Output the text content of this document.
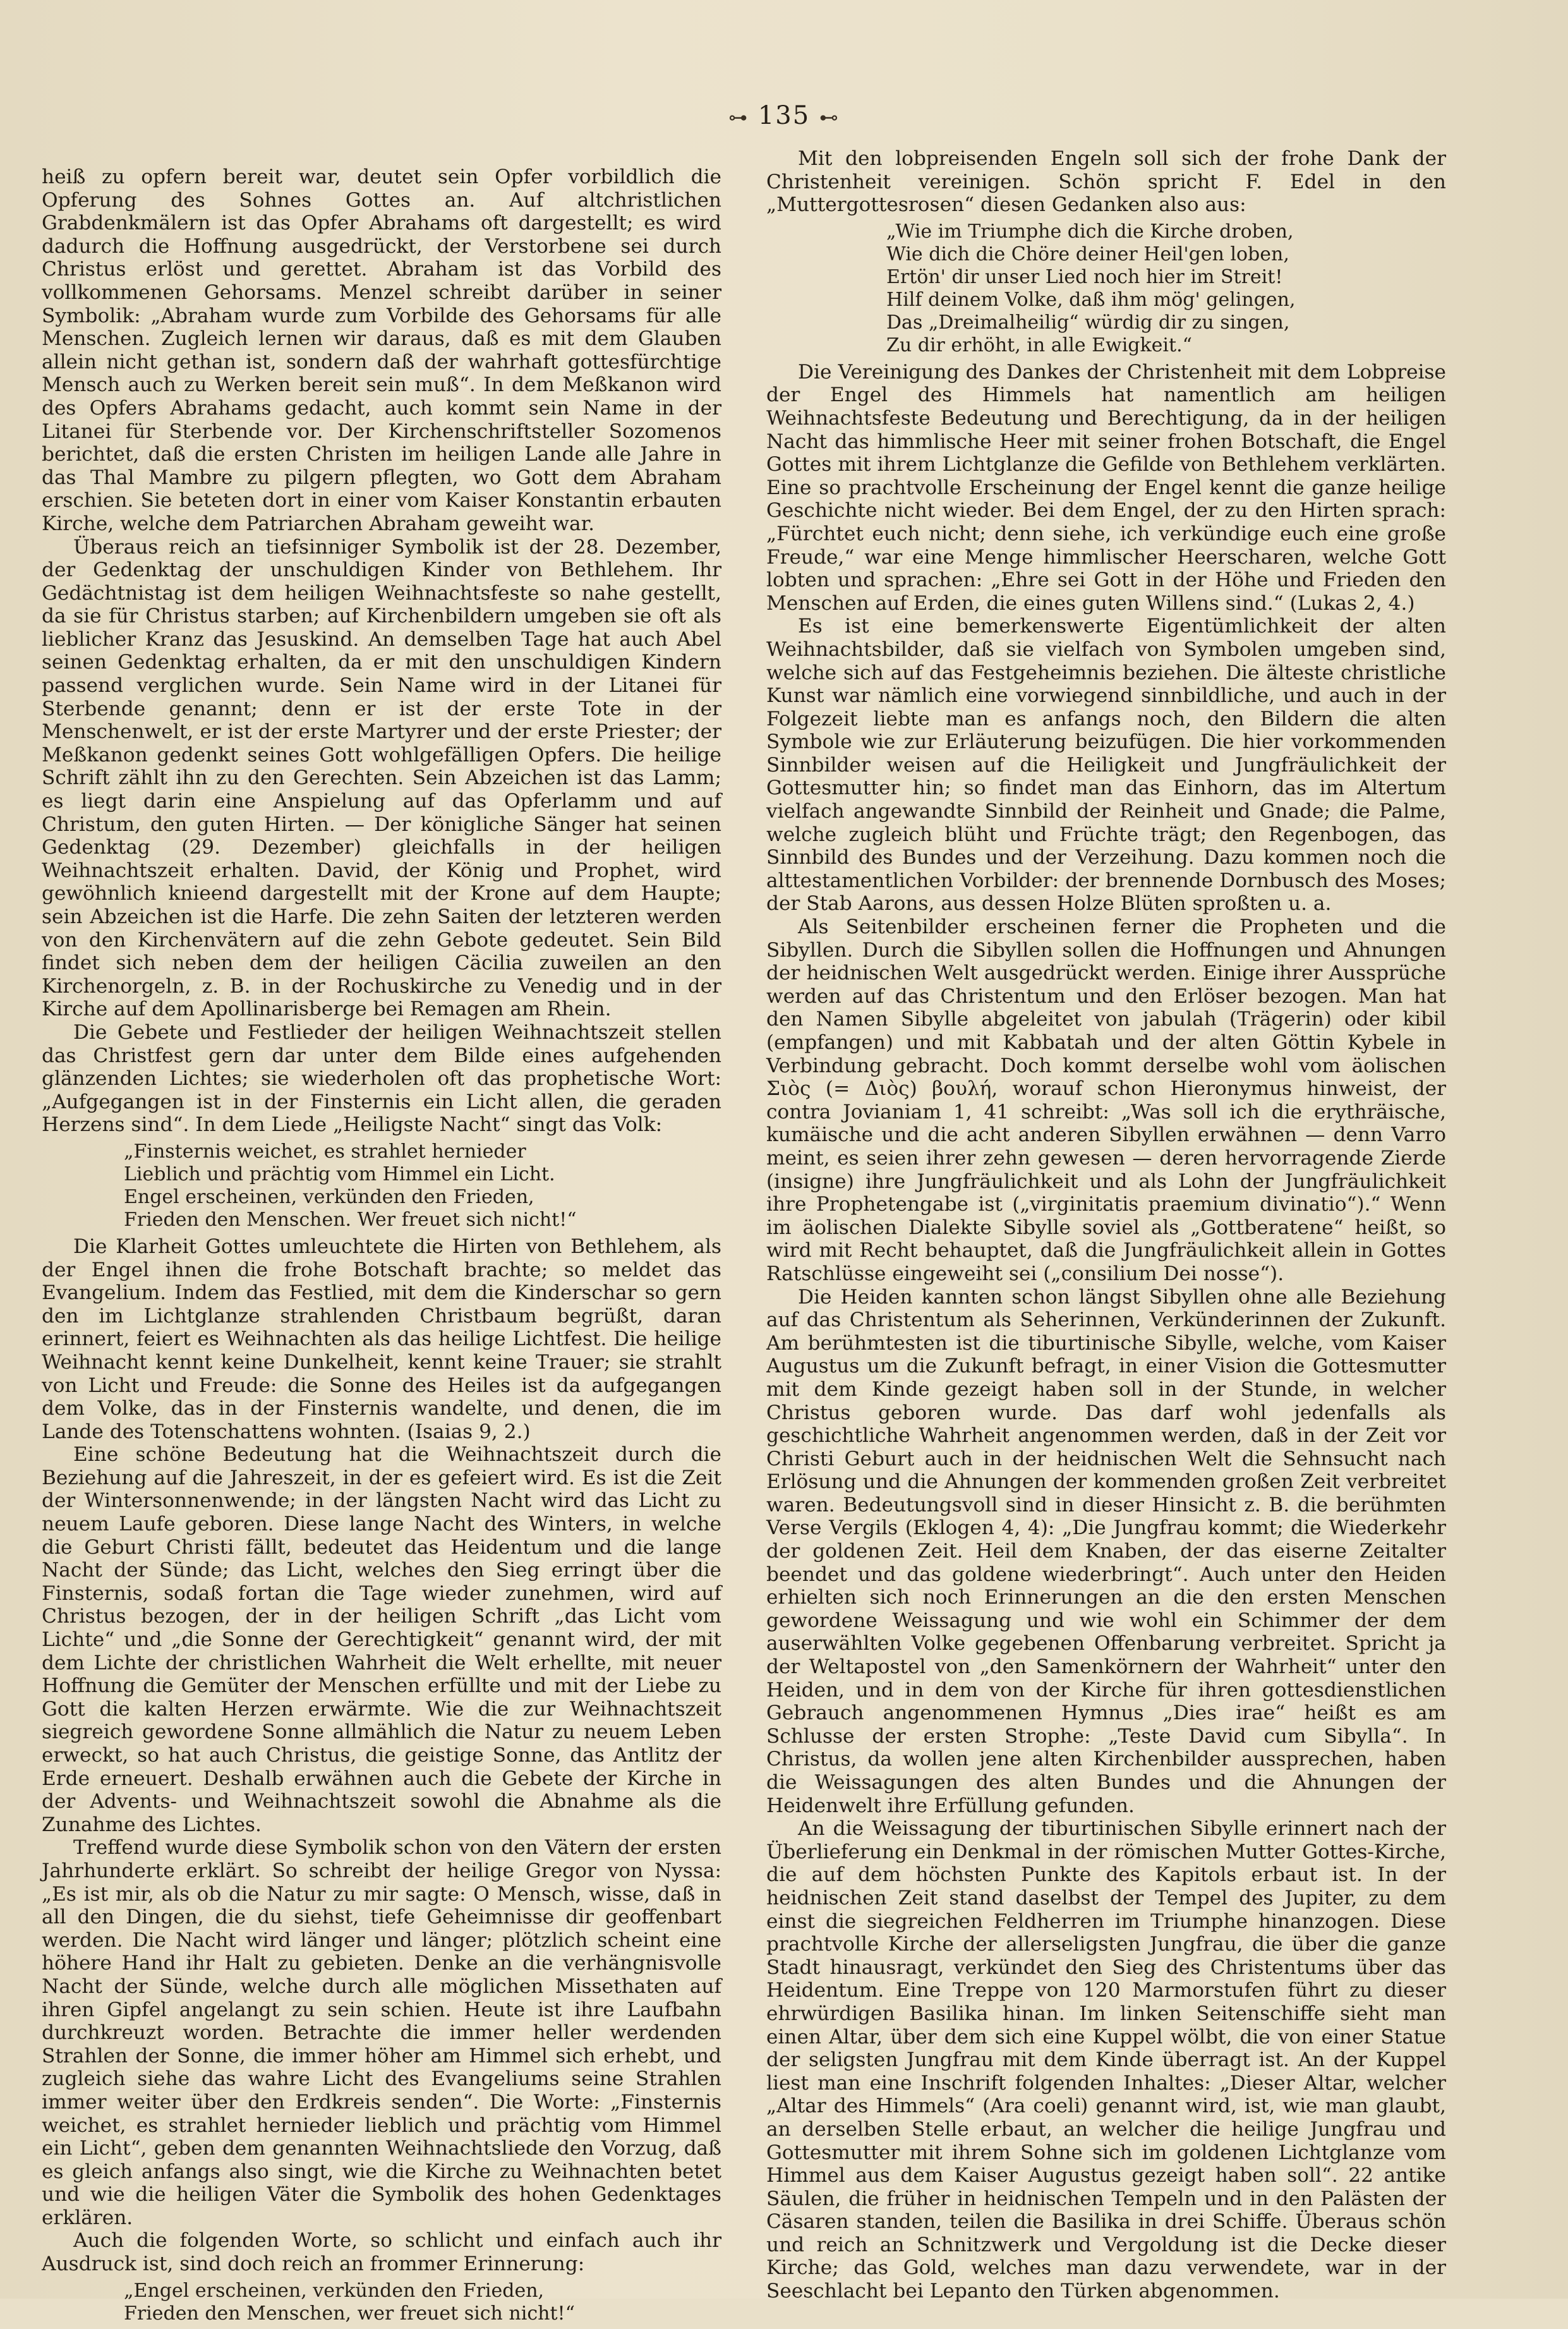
⊶ 135 ⊷

heiß zu opfern bereit war, deutet sein Opfer vorbildlich die Opferung des Sohnes Gottes an. Auf altchristlichen Grabdenkmälern ist das Opfer Abrahams oft dargestellt; es wird dadurch die Hoffnung ausgedrückt, der Verstorbene sei durch Christus erlöst und gerettet. Abraham ist das Vorbild des vollkommenen Gehorsams. Menzel schreibt darüber in seiner Symbolik: „Abraham wurde zum Vorbilde des Gehorsams für alle Menschen. Zugleich lernen wir daraus, daß es mit dem Glauben allein nicht gethan ist, sondern daß der wahrhaft gottesfürchtige Mensch auch zu Werken bereit sein muß“. In dem Meßkanon wird des Opfers Abrahams gedacht, auch kommt sein Name in der Litanei für Sterbende vor. Der Kirchenschriftsteller Sozomenos berichtet, daß die ersten Christen im heiligen Lande alle Jahre in das Thal Mambre zu pilgern pflegten, wo Gott dem Abraham erschien. Sie beteten dort in einer vom Kaiser Konstantin erbauten Kirche, welche dem Patriarchen Abraham geweiht war.

Überaus reich an tiefsinniger Symbolik ist der 28. Dezember, der Gedenktag der unschuldigen Kinder von Bethlehem. Ihr Gedächtnistag ist dem heiligen Weihnachtsfeste so nahe gestellt, da sie für Christus starben; auf Kirchenbildern umgeben sie oft als lieblicher Kranz das Jesuskind. An demselben Tage hat auch Abel seinen Gedenktag erhalten, da er mit den unschuldigen Kindern passend verglichen wurde. Sein Name wird in der Litanei für Sterbende genannt; denn er ist der erste Tote in der Menschenwelt, er ist der erste Martyrer und der erste Priester; der Meßkanon gedenkt seines Gott wohlgefälligen Opfers. Die heilige Schrift zählt ihn zu den Gerechten. Sein Abzeichen ist das Lamm; es liegt darin eine Anspielung auf das Opferlamm und auf Christum, den guten Hirten. — Der königliche Sänger hat seinen Gedenktag (29. Dezember) gleichfalls in der heiligen Weihnachtszeit erhalten. David, der König und Prophet, wird gewöhnlich knieend dargestellt mit der Krone auf dem Haupte; sein Abzeichen ist die Harfe. Die zehn Saiten der letzteren werden von den Kirchenvätern auf die zehn Gebote gedeutet. Sein Bild findet sich neben dem der heiligen Cäcilia zuweilen an den Kirchenorgeln, z. B. in der Rochuskirche zu Venedig und in der Kirche auf dem Apollinarisberge bei Remagen am Rhein.

Die Gebete und Festlieder der heiligen Weihnachtszeit stellen das Christfest gern dar unter dem Bilde eines aufgehenden glänzenden Lichtes; sie wiederholen oft das prophetische Wort: „Aufgegangen ist in der Finsternis ein Licht allen, die geraden Herzens sind“. In dem Liede „Heiligste Nacht“ singt das Volk:

„Finsternis weichet, es strahlet hernieder
Lieblich und prächtig vom Himmel ein Licht.
Engel erscheinen, verkünden den Frieden,
Frieden den Menschen. Wer freuet sich nicht!“

Die Klarheit Gottes umleuchtete die Hirten von Bethlehem, als der Engel ihnen die frohe Botschaft brachte; so meldet das Evangelium. Indem das Festlied, mit dem die Kinderschar so gern den im Lichtglanze strahlenden Christbaum begrüßt, daran erinnert, feiert es Weihnachten als das heilige Lichtfest. Die heilige Weihnacht kennt keine Dunkelheit, kennt keine Trauer; sie strahlt von Licht und Freude: die Sonne des Heiles ist da aufgegangen dem Volke, das in der Finsternis wandelte, und denen, die im Lande des Totenschattens wohnten. (Isaias 9, 2.)

Eine schöne Bedeutung hat die Weihnachtszeit durch die Beziehung auf die Jahreszeit, in der es gefeiert wird. Es ist die Zeit der Wintersonnenwende; in der längsten Nacht wird das Licht zu neuem Laufe geboren. Diese lange Nacht des Winters, in welche die Geburt Christi fällt, bedeutet das Heidentum und die lange Nacht der Sünde; das Licht, welches den Sieg erringt über die Finsternis, sodaß fortan die Tage wieder zunehmen, wird auf Christus bezogen, der in der heiligen Schrift „das Licht vom Lichte“ und „die Sonne der Gerechtigkeit“ genannt wird, der mit dem Lichte der christlichen Wahrheit die Welt erhellte, mit neuer Hoffnung die Gemüter der Menschen erfüllte und mit der Liebe zu Gott die kalten Herzen erwärmte. Wie die zur Weihnachtszeit siegreich gewordene Sonne allmählich die Natur zu neuem Leben erweckt, so hat auch Christus, die geistige Sonne, das Antlitz der Erde erneuert. Deshalb erwähnen auch die Gebete der Kirche in der Advents- und Weihnachtszeit sowohl die Abnahme als die Zunahme des Lichtes.

Treffend wurde diese Symbolik schon von den Vätern der ersten Jahrhunderte erklärt. So schreibt der heilige Gregor von Nyssa: „Es ist mir, als ob die Natur zu mir sagte: O Mensch, wisse, daß in all den Dingen, die du siehst, tiefe Geheimnisse dir geoffenbart werden. Die Nacht wird länger und länger; plötzlich scheint eine höhere Hand ihr Halt zu gebieten. Denke an die verhängnisvolle Nacht der Sünde, welche durch alle möglichen Missethaten auf ihren Gipfel angelangt zu sein schien. Heute ist ihre Laufbahn durchkreuzt worden. Betrachte die immer heller werdenden Strahlen der Sonne, die immer höher am Himmel sich erhebt, und zugleich siehe das wahre Licht des Evangeliums seine Strahlen immer weiter über den Erdkreis senden“. Die Worte: „Finsternis weichet, es strahlet hernieder lieblich und prächtig vom Himmel ein Licht“, geben dem genannten Weihnachtsliede den Vorzug, daß es gleich anfangs also singt, wie die Kirche zu Weihnachten betet und wie die heiligen Väter die Symbolik des hohen Gedenktages erklären.

Auch die folgenden Worte, so schlicht und einfach auch ihr Ausdruck ist, sind doch reich an frommer Erinnerung:

„Engel erscheinen, verkünden den Frieden,
Frieden den Menschen, wer freuet sich nicht!“

Mit den lobpreisenden Engeln soll sich der frohe Dank der Christenheit vereinigen. Schön spricht F. Edel in den „Muttergottesrosen“ diesen Gedanken also aus:

„Wie im Triumphe dich die Kirche droben,
Wie dich die Chöre deiner Heil'gen loben,
Ertön' dir unser Lied noch hier im Streit!
Hilf deinem Volke, daß ihm mög' gelingen,
Das „Dreimalheilig“ würdig dir zu singen,
Zu dir erhöht, in alle Ewigkeit.“

Die Vereinigung des Dankes der Christenheit mit dem Lobpreise der Engel des Himmels hat namentlich am heiligen Weihnachtsfeste Bedeutung und Berechtigung, da in der heiligen Nacht das himmlische Heer mit seiner frohen Botschaft, die Engel Gottes mit ihrem Lichtglanze die Gefilde von Bethlehem verklärten. Eine so prachtvolle Erscheinung der Engel kennt die ganze heilige Geschichte nicht wieder. Bei dem Engel, der zu den Hirten sprach: „Fürchtet euch nicht; denn siehe, ich verkündige euch eine große Freude,“ war eine Menge himmlischer Heerscharen, welche Gott lobten und sprachen: „Ehre sei Gott in der Höhe und Frieden den Menschen auf Erden, die eines guten Willens sind.“ (Lukas 2, 4.)

Es ist eine bemerkenswerte Eigentümlichkeit der alten Weihnachtsbilder, daß sie vielfach von Symbolen umgeben sind, welche sich auf das Festgeheimnis beziehen. Die älteste christliche Kunst war nämlich eine vorwiegend sinnbildliche, und auch in der Folgezeit liebte man es anfangs noch, den Bildern die alten Symbole wie zur Erläuterung beizufügen. Die hier vorkommenden Sinnbilder weisen auf die Heiligkeit und Jungfräulichkeit der Gottesmutter hin; so findet man das Einhorn, das im Altertum vielfach angewandte Sinnbild der Reinheit und Gnade; die Palme, welche zugleich blüht und Früchte trägt; den Regenbogen, das Sinnbild des Bundes und der Verzeihung. Dazu kommen noch die alttestamentlichen Vorbilder: der brennende Dornbusch des Moses; der Stab Aarons, aus dessen Holze Blüten sproßten u. a.

Als Seitenbilder erscheinen ferner die Propheten und die Sibyllen. Durch die Sibyllen sollen die Hoffnungen und Ahnungen der heidnischen Welt ausgedrückt werden. Einige ihrer Aussprüche werden auf das Christentum und den Erlöser bezogen. Man hat den Namen Sibylle abgeleitet von jabulah (Trägerin) oder kibil (empfangen) und mit Kabbatah und der alten Göttin Kybele in Verbindung gebracht. Doch kommt derselbe wohl vom äolischen Σιὸς (= Διὸς) βουλή, worauf schon Hieronymus hinweist, der contra Jovianiam 1, 41 schreibt: „Was soll ich die erythräische, kumäische und die acht anderen Sibyllen erwähnen — denn Varro meint, es seien ihrer zehn gewesen — deren hervorragende Zierde (insigne) ihre Jungfräulichkeit und als Lohn der Jungfräulichkeit ihre Prophetengabe ist („virginitatis praemium divinatio“).“ Wenn im äolischen Dialekte Sibylle soviel als „Gottberatene“ heißt, so wird mit Recht behauptet, daß die Jungfräulichkeit allein in Gottes Ratschlüsse eingeweiht sei („consilium Dei nosse“).

Die Heiden kannten schon längst Sibyllen ohne alle Beziehung auf das Christentum als Seherinnen, Verkünderinnen der Zukunft. Am berühmtesten ist die tiburtinische Sibylle, welche, vom Kaiser Augustus um die Zukunft befragt, in einer Vision die Gottesmutter mit dem Kinde gezeigt haben soll in der Stunde, in welcher Christus geboren wurde. Das darf wohl jedenfalls als geschichtliche Wahrheit angenommen werden, daß in der Zeit vor Christi Geburt auch in der heidnischen Welt die Sehnsucht nach Erlösung und die Ahnungen der kommenden großen Zeit verbreitet waren. Bedeutungsvoll sind in dieser Hinsicht z. B. die berühmten Verse Vergils (Eklogen 4, 4): „Die Jungfrau kommt; die Wiederkehr der goldenen Zeit. Heil dem Knaben, der das eiserne Zeitalter beendet und das goldene wiederbringt“. Auch unter den Heiden erhielten sich noch Erinnerungen an die den ersten Menschen gewordene Weissagung und wie wohl ein Schimmer der dem auserwählten Volke gegebenen Offenbarung verbreitet. Spricht ja der Weltapostel von „den Samenkörnern der Wahrheit“ unter den Heiden, und in dem von der Kirche für ihren gottesdienstlichen Gebrauch angenommenen Hymnus „Dies irae“ heißt es am Schlusse der ersten Strophe: „Teste David cum Sibylla“. In Christus, da wollen jene alten Kirchenbilder aussprechen, haben die Weissagungen des alten Bundes und die Ahnungen der Heidenwelt ihre Erfüllung gefunden.

An die Weissagung der tiburtinischen Sibylle erinnert nach der Überlieferung ein Denkmal in der römischen Mutter Gottes-Kirche, die auf dem höchsten Punkte des Kapitols erbaut ist. In der heidnischen Zeit stand daselbst der Tempel des Jupiter, zu dem einst die siegreichen Feldherren im Triumphe hinanzogen. Diese prachtvolle Kirche der allerseligsten Jungfrau, die über die ganze Stadt hinausragt, verkündet den Sieg des Christentums über das Heidentum. Eine Treppe von 120 Marmorstufen führt zu dieser ehrwürdigen Basilika hinan. Im linken Seitenschiffe sieht man einen Altar, über dem sich eine Kuppel wölbt, die von einer Statue der seligsten Jungfrau mit dem Kinde überragt ist. An der Kuppel liest man eine Inschrift folgenden Inhaltes: „Dieser Altar, welcher „Altar des Himmels“ (Ara coeli) genannt wird, ist, wie man glaubt, an derselben Stelle erbaut, an welcher die heilige Jungfrau und Gottesmutter mit ihrem Sohne sich im goldenen Lichtglanze vom Himmel aus dem Kaiser Augustus gezeigt haben soll“. 22 antike Säulen, die früher in heidnischen Tempeln und in den Palästen der Cäsaren standen, teilen die Basilika in drei Schiffe. Überaus schön und reich an Schnitzwerk und Vergoldung ist die Decke dieser Kirche; das Gold, welches man dazu verwendete, war in der Seeschlacht bei Lepanto den Türken abgenommen.
